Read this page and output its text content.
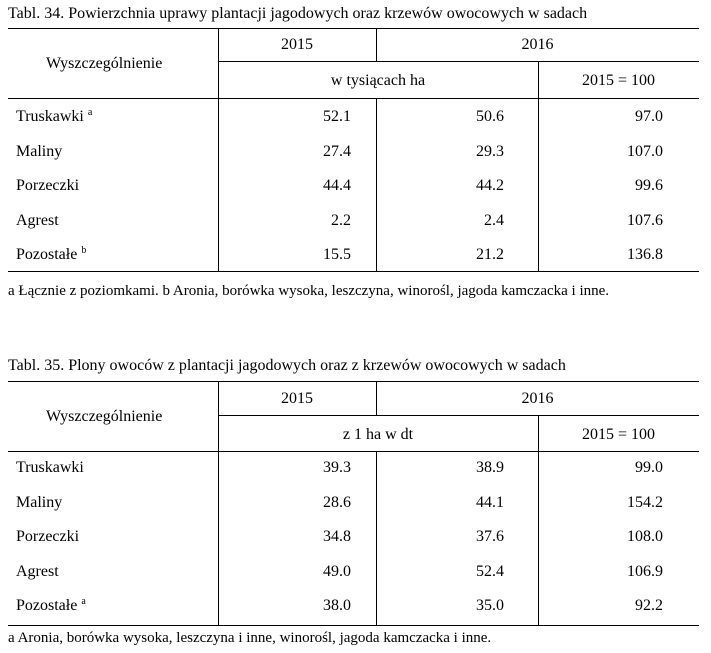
Tabl. 34. Powierzchnia uprawy plantacji jagodowych oraz krzewów owocowych w sadach
Wyszczególnienie
2015	2016
w tysiącach ha	2015 = 100
Truskawki $^a$	52.1	50.6	97.0
Maliny	27.4	29.3	107.0
Porzeczki	44.4	44.2	99.6
Agrest	2.2	2.4	107.6
Pozostałe $^b$	15.5	21.2	136.8
a Łącznie z poziomkami. b Aronia, borówka wysoka, leszczyna, winorośl, jagoda kamczacka i inne.
Tabl. 35. Plony owoców z plantacji jagodowych oraz z krzewów owocowych w sadach
Wyszczególnienie
2015	2016
z 1 ha w dt	2015 = 100
Truskawki	39.3	38.9	99.0
Maliny	28.6	44.1	154.2
Porzeczki	34.8	37.6	108.0
Agrest	49.0	52.4	106.9
Pozostałe $^a$	38.0	35.0	92.2
a Aronia, borówka wysoka, leszczyna i inne, winorośl, jagoda kamczacka i inne.
